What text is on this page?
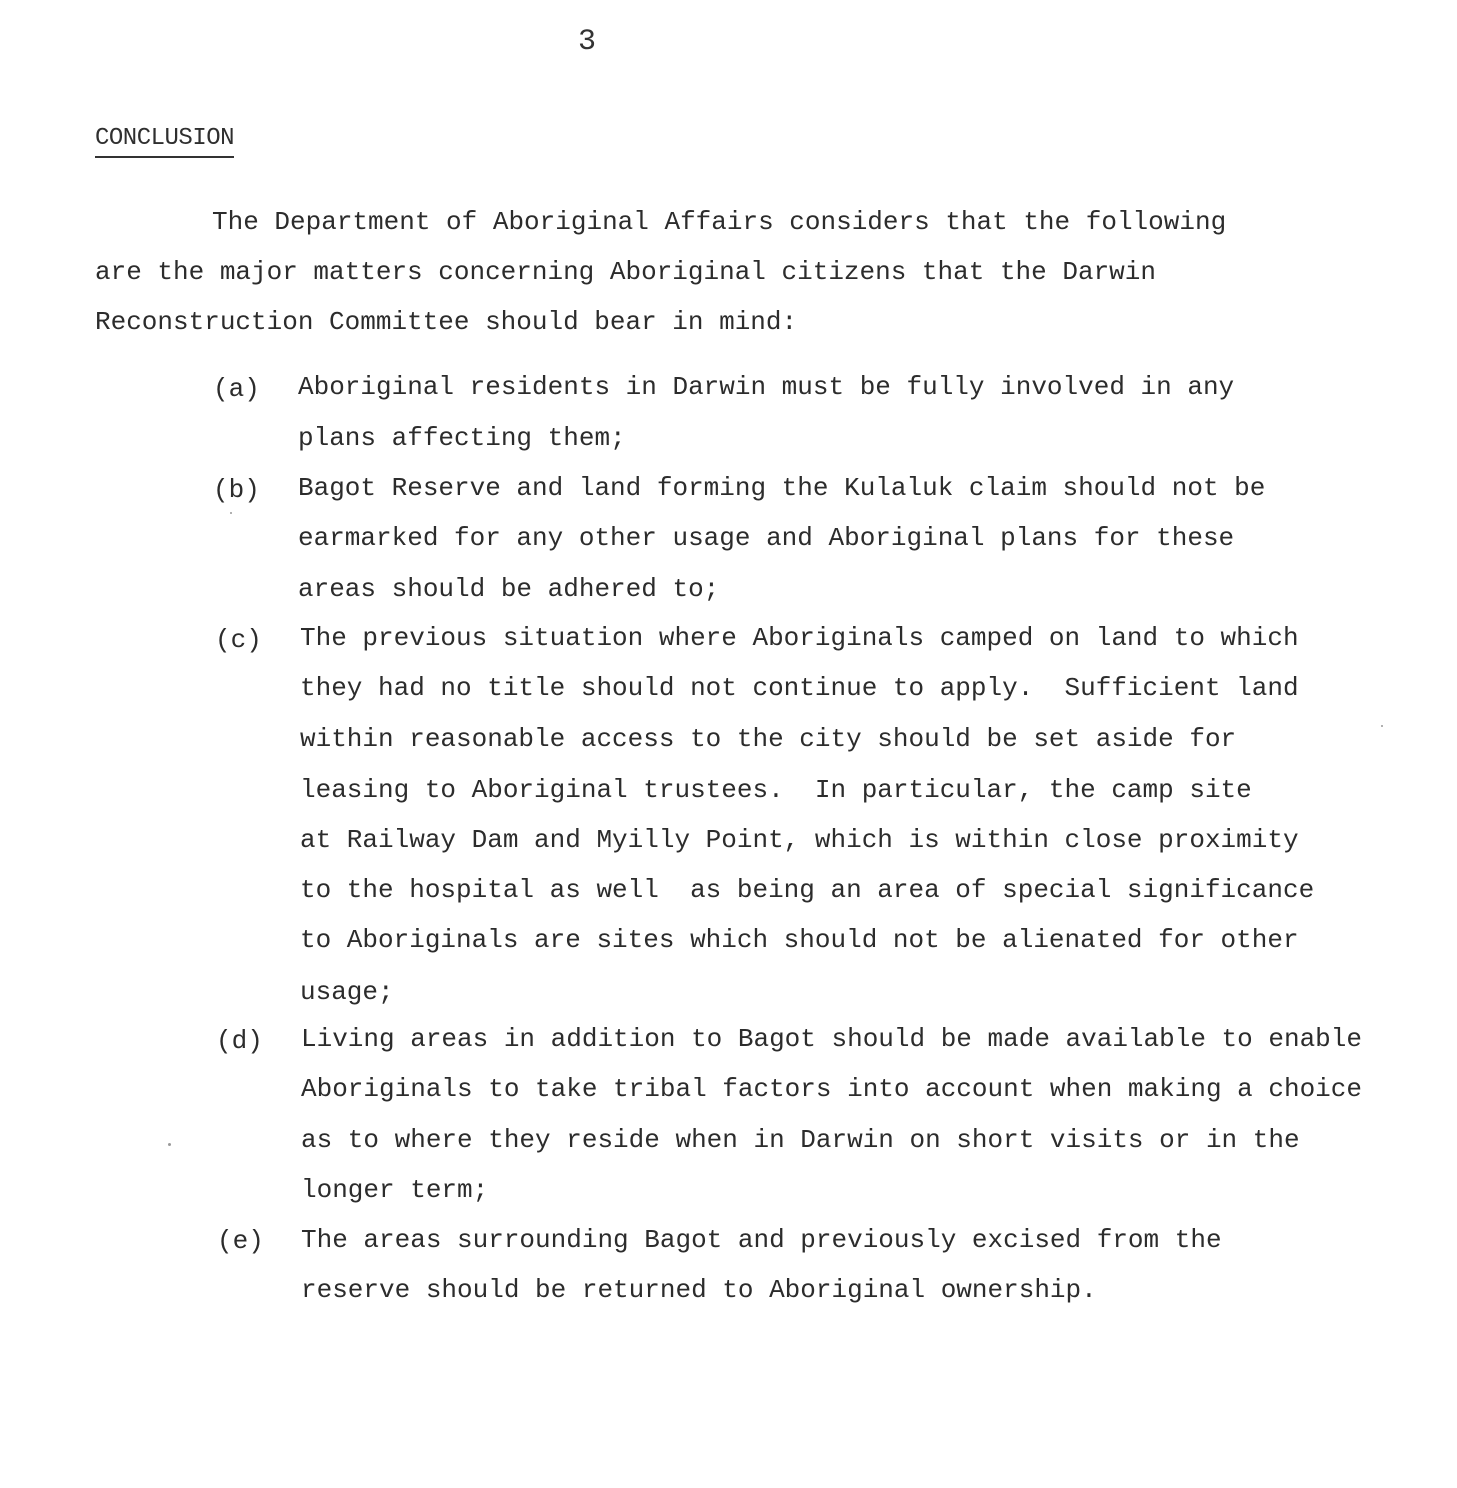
3
CONCLUSION
The Department of Aboriginal Affairs considers that the following
are the major matters concerning Aboriginal citizens that the Darwin
Reconstruction Committee should bear in mind:
(a) Aboriginal residents in Darwin must be fully involved in any
plans affecting them;
(b) Bagot Reserve and land forming the Kulaluk claim should not be
earmarked for any other usage and Aboriginal plans for these
areas should be adhered to;
(c) The previous situation where Aboriginals camped on land to which
they had no title should not continue to apply.  Sufficient land
within reasonable access to the city should be set aside for
leasing to Aboriginal trustees.  In particular, the camp site
at Railway Dam and Myilly Point, which is within close proximity
to the hospital as well  as being an area of special significance
to Aboriginals are sites which should not be alienated for other
usage;
(d) Living areas in addition to Bagot should be made available to enable
Aboriginals to take tribal factors into account when making a choice
as to where they reside when in Darwin on short visits or in the
longer term;
(e) The areas surrounding Bagot and previously excised from the
reserve should be returned to Aboriginal ownership.
